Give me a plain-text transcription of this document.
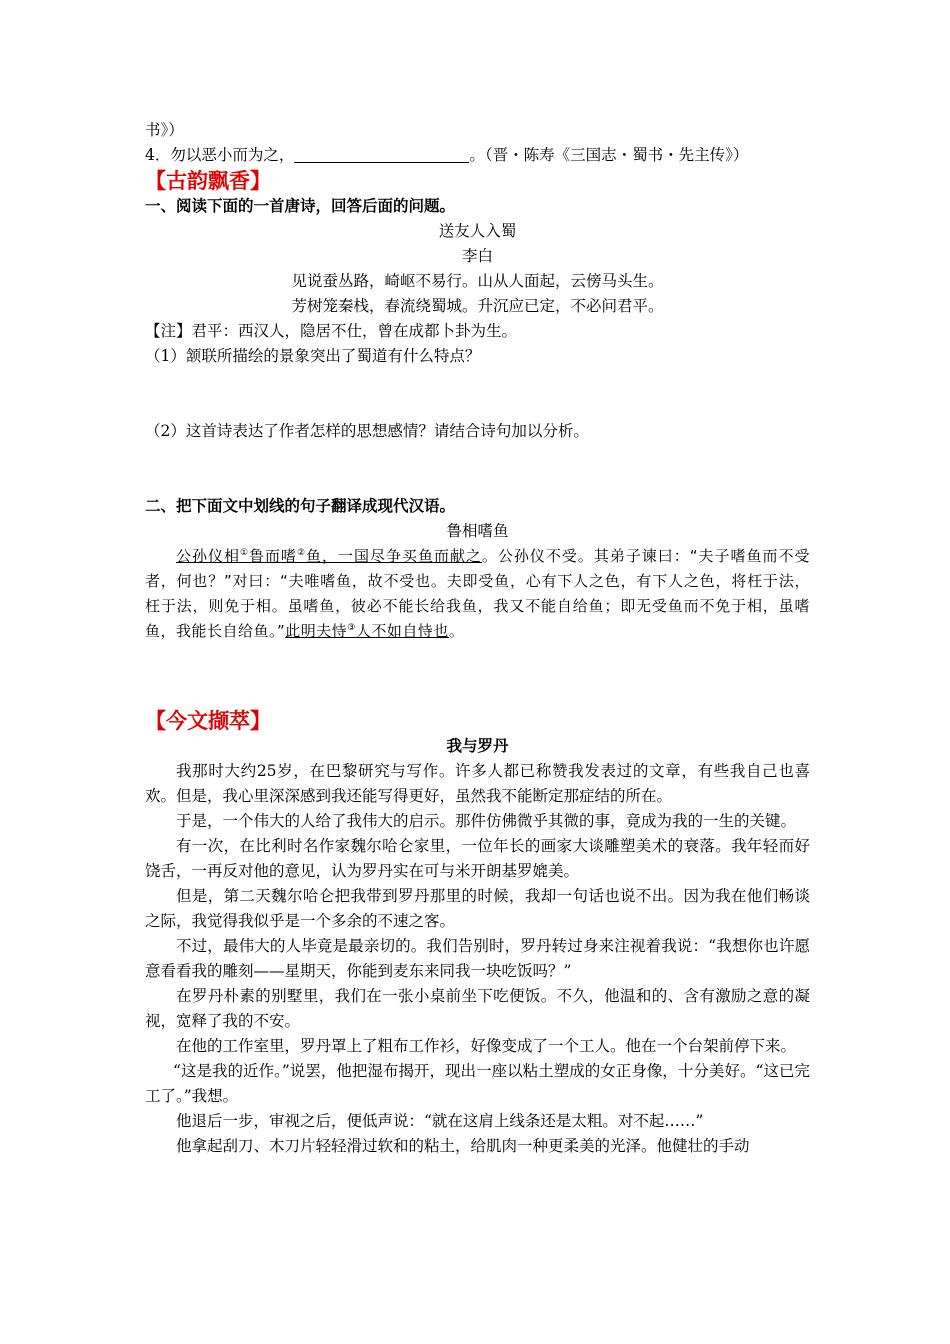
书》）
4．勿以恶小而为之，	。（晋・陈寿《三国志・蜀书・先主传》）
【古韵飘香】
一、阅读下面的一首唐诗，回答后面的问题。
送友人入蜀
李白
见说蚕丛路，崎岖不易行。山从人面起，云傍马头生。
芳树笼秦栈，春流绕蜀城。升沉应已定，不必问君平。
【注】君平：西汉人，隐居不仕，曾在成都卜卦为生。
（1）颔联所描绘的景象突出了蜀道有什么特点？
（2）这首诗表达了作者怎样的思想感情？请结合诗句加以分析。
二、把下面文中划线的句子翻译成现代汉语。
鲁相嗜鱼
公孙仪相①鲁而嗜②鱼，一国尽争买鱼而献之。公孙仪不受。其弟子谏曰：“夫子嗜鱼而不受者，何也？”对曰：“夫唯嗜鱼，故不受也。夫即受鱼，心有下人之色，有下人之色，将枉于法，枉于法，则免于相。虽嗜鱼，彼必不能长给我鱼，我又不能自给鱼；即无受鱼而不免于相，虽嗜鱼，我能长自给鱼。”此明夫恃③人不如自恃也。
【今文撷萃】
我与罗丹

我那时大约25岁，在巴黎研究与写作。许多人都已称赞我发表过的文章，有些我自己也喜欢。但是，我心里深深感到我还能写得更好，虽然我不能断定那症结的所在。

于是，一个伟大的人给了我伟大的启示。那件仿佛微乎其微的事，竟成为我的一生的关键。

有一次，在比利时名作家魏尔哈仑家里，一位年长的画家大谈雕塑美术的衰落。我年轻而好饶舌，一再反对他的意见，认为罗丹实在可与米开朗基罗媲美。

但是，第二天魏尔哈仑把我带到罗丹那里的时候，我却一句话也说不出。因为我在他们畅谈之际，我觉得我似乎是一个多余的不速之客。

不过，最伟大的人毕竟是最亲切的。我们告别时，罗丹转过身来注视着我说：“我想你也许愿意看看我的雕刻——星期天，你能到麦东来同我一块吃饭吗？”

在罗丹朴素的别墅里，我们在一张小桌前坐下吃便饭。不久，他温和的、含有激励之意的凝视，宽释了我的不安。

在他的工作室里，罗丹罩上了粗布工作衫，好像变成了一个工人。他在一个台架前停下来。

“这是我的近作。”说罢，他把湿布揭开，现出一座以粘土塑成的女正身像，十分美好。“这已完工了。”我想。

他退后一步，审视之后，便低声说：“就在这肩上线条还是太粗。对不起……”

他拿起刮刀、木刀片轻轻滑过软和的粘土，给肌肉一种更柔美的光泽。他健壮的手动
